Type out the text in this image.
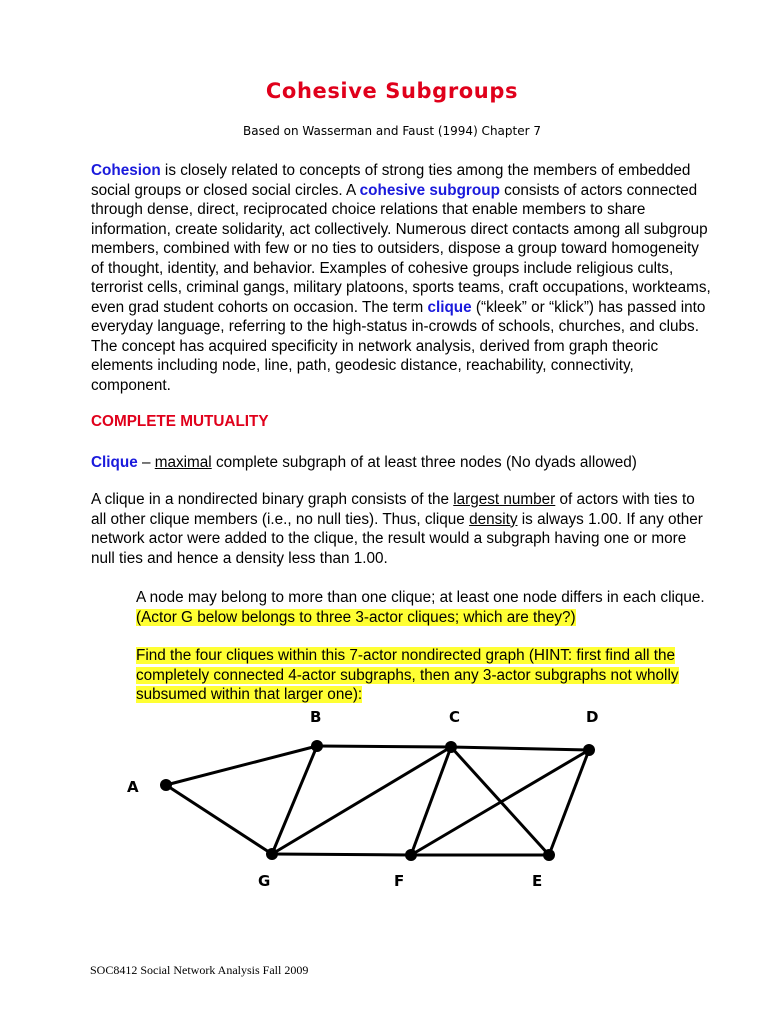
Cohesive Subgroups
Based on Wasserman and Faust (1994) Chapter 7
Cohesion is closely related to concepts of strong ties among the members of embedded social groups or closed social circles. A cohesive subgroup consists of actors connected through dense, direct, reciprocated choice relations that enable members to share information, create solidarity, act collectively. Numerous direct contacts among all subgroup members, combined with few or no ties to outsiders, dispose a group toward homogeneity of thought, identity, and behavior. Examples of cohesive groups include religious cults, terrorist cells, criminal gangs, military platoons, sports teams, craft occupations, workteams, even grad student cohorts on occasion. The term clique (“kleek” or “klick”) has passed into everyday language, referring to the high-status in-crowds of schools, churches, and clubs. The concept has acquired specificity in network analysis, derived from graph theoric elements including node, line, path, geodesic distance, reachability, connectivity, component.
COMPLETE MUTUALITY
Clique – maximal complete subgraph of at least three nodes (No dyads allowed)
A clique in a nondirected binary graph consists of the largest number of actors with ties to all other clique members (i.e., no null ties). Thus, clique density is always 1.00. If any other network actor were added to the clique, the result would a subgraph having one or more null ties and hence a density less than 1.00.
A node may belong to more than one clique; at least one node differs in each clique. (Actor G below belongs to three 3-actor cliques; which are they?)
Find the four cliques within this 7-actor nondirected graph (HINT: first find all the completely connected 4-actor subgraphs, then any 3-actor subgraphs not wholly subsumed within that larger one):
A
B	C	D
G	F	E
SOC8412 Social Network Analysis Fall 2009
